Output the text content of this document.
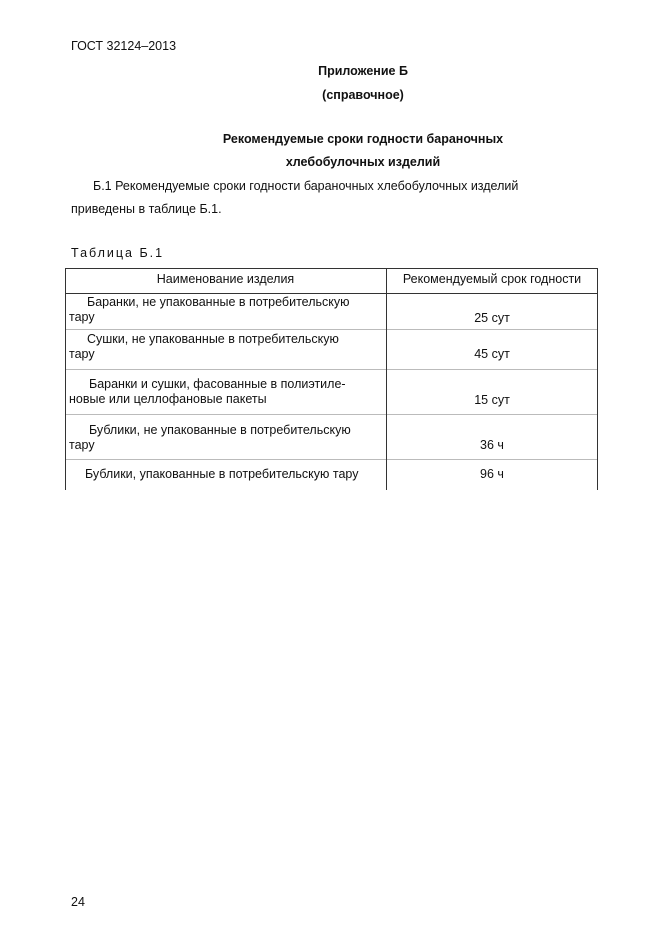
ГОСТ 32124–2013
Приложение Б
(справочное)
Рекомендуемые сроки годности бараночных
хлебобулочных изделий
Б.1 Рекомендуемые сроки годности бараночных хлебобулочных изделий
приведены в таблице Б.1.
Таблица Б.1
Наименование изделия	Рекомендуемый срок годности
Баранки, не упакованные в потребительскую
тару	25 сут
Сушки, не упакованные в потребительскую
тару	45 сут
Баранки и сушки, фасованные в полиэтиле-
новые или целлофановые пакеты	15 сут
Бублики, не упакованные в потребительскую
тару	36 ч
Бублики, упакованные в потребительскую тару	96 ч
24
